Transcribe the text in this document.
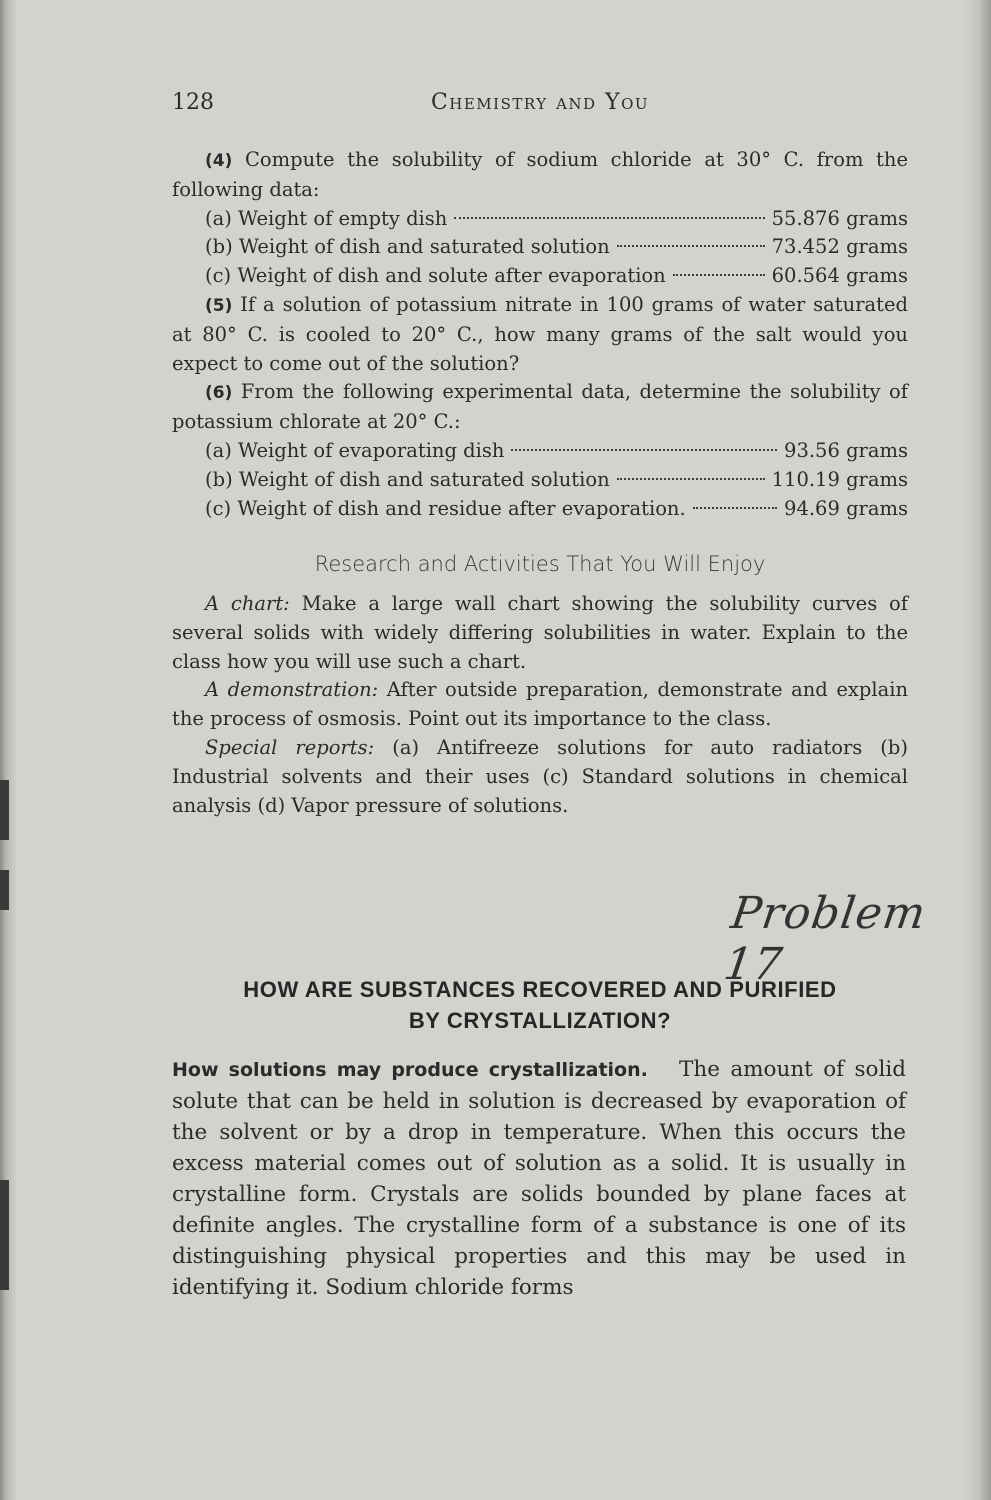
128	Chemistry and You

(4) Compute the solubility of sodium chloride at 30° C. from the following data:

(a) Weight of empty dish	55.876 grams
(b) Weight of dish and saturated solution	73.452 grams
(c) Weight of dish and solute after evaporation	60.564 grams

(5) If a solution of potassium nitrate in 100 grams of water saturated at 80° C. is cooled to 20° C., how many grams of the salt would you expect to come out of the solution?

(6) From the following experimental data, determine the solubility of potassium chlorate at 20° C.:

(a) Weight of evaporating dish	93.56 grams
(b) Weight of dish and saturated solution	110.19 grams
(c) Weight of dish and residue after evaporation.	94.69 grams
Research and Activities That You Will Enjoy

A chart: Make a large wall chart showing the solubility curves of several solids with widely differing solubilities in water. Explain to the class how you will use such a chart.

A demonstration: After outside preparation, demonstrate and explain the process of osmosis. Point out its importance to the class.

Special reports: (a) Antifreeze solutions for auto radiators (b) Industrial solvents and their uses (c) Standard solutions in chemical analysis (d) Vapor pressure of solutions.

Problem 17
HOW ARE SUBSTANCES RECOVERED AND PURIFIED
BY CRYSTALLIZATION?

How solutions may produce crystallization. The amount of solid solute that can be held in solution is decreased by evaporation of the solvent or by a drop in temperature. When this occurs the excess material comes out of solution as a solid. It is usually in crystalline form. Crystals are solids bounded by plane faces at definite angles. The crystalline form of a substance is one of its distinguishing physical properties and this may be used in identifying it. Sodium chloride forms
